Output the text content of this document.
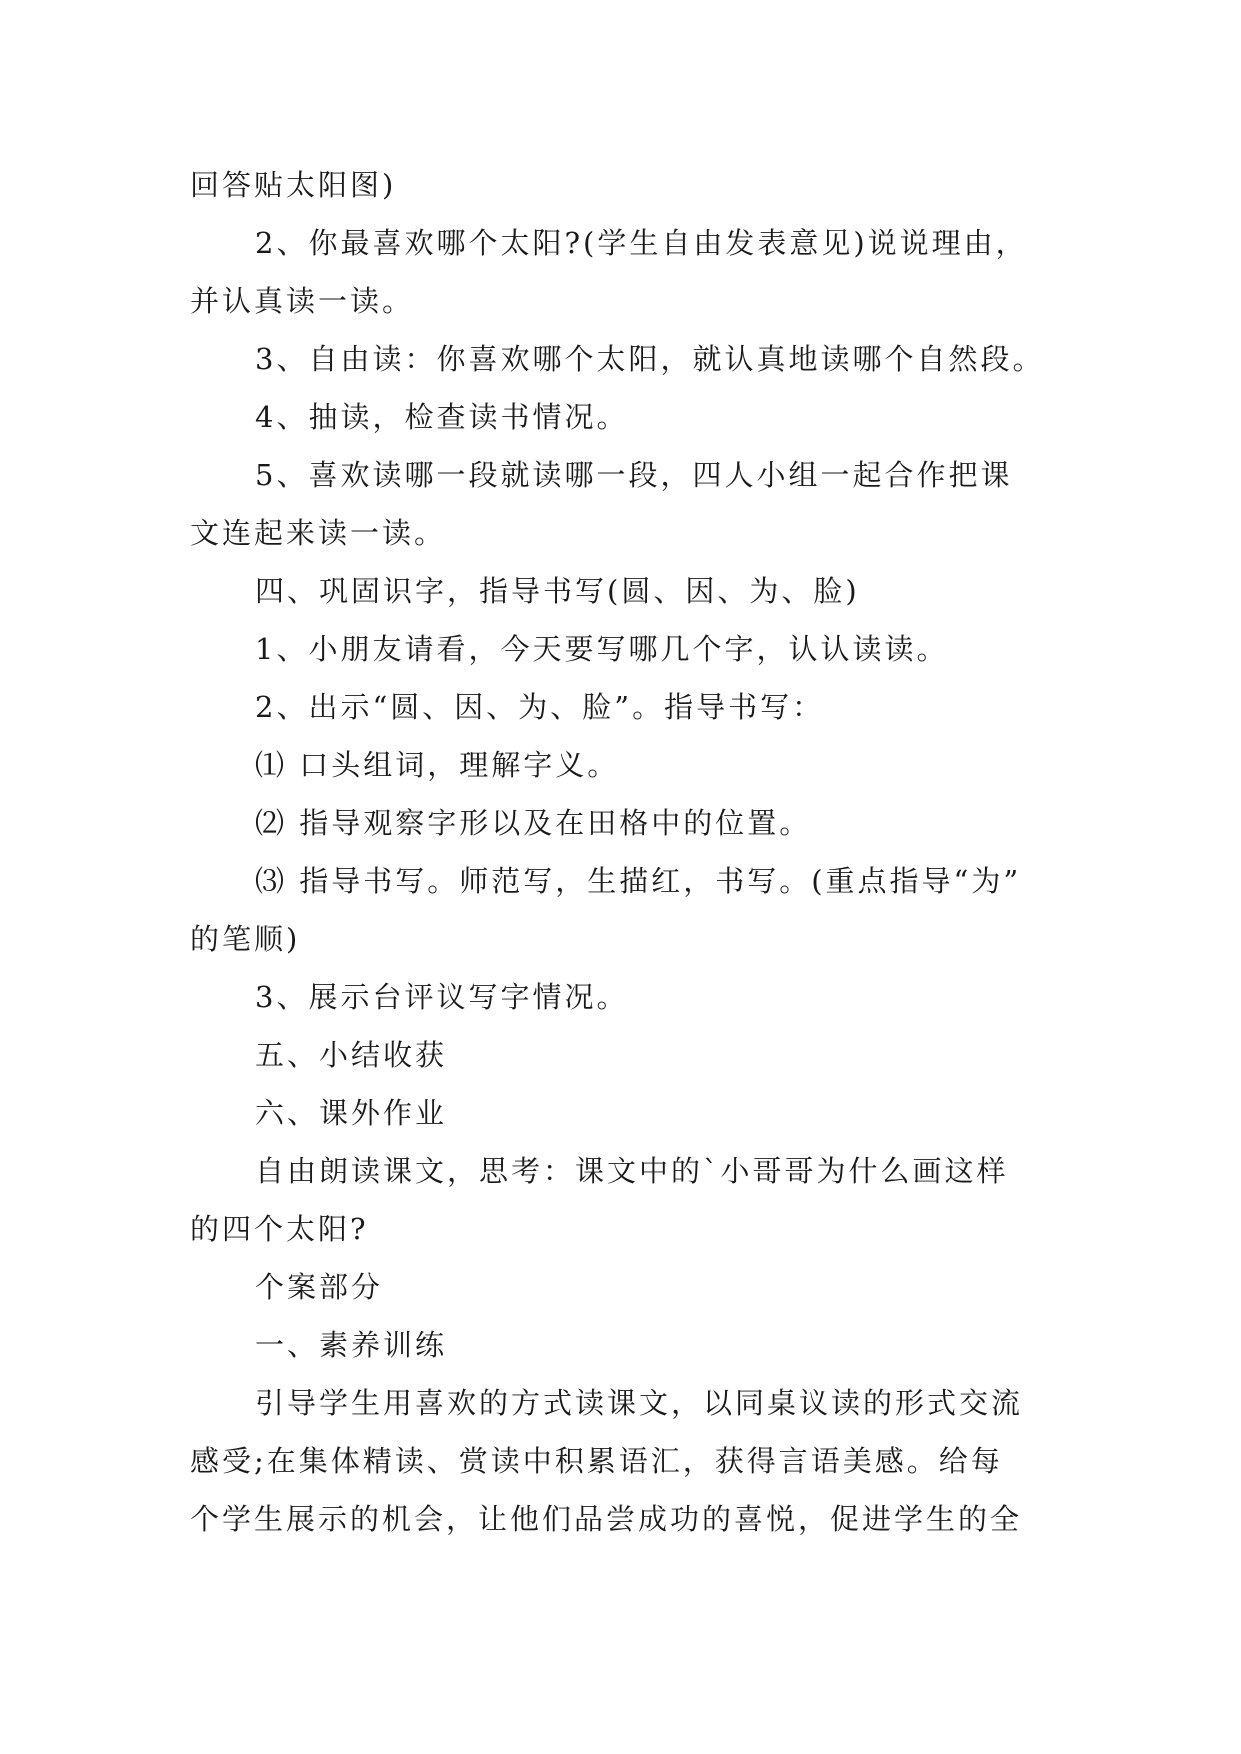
回答贴太阳图)
2、你最喜欢哪个太阳?(学生自由发表意见)说说理由，
并认真读一读。
3、自由读：你喜欢哪个太阳，就认真地读哪个自然段。
4、抽读，检查读书情况。
5、喜欢读哪一段就读哪一段，四人小组一起合作把课
文连起来读一读。
四、巩固识字，指导书写(圆、因、为、脸)
1、小朋友请看，今天要写哪几个字，认认读读。
2、出示“圆、因、为、脸”。指导书写：
⑴ 口头组词，理解字义。
⑵ 指导观察字形以及在田格中的位置。
⑶ 指导书写。师范写，生描红，书写。(重点指导“为”
的笔顺)
3、展示台评议写字情况。
五、小结收获
六、课外作业
自由朗读课文，思考：课文中的`小哥哥为什么画这样
的四个太阳?
个案部分
一、素养训练
引导学生用喜欢的方式读课文，以同桌议读的形式交流
感受;在集体精读、赏读中积累语汇，获得言语美感。给每
个学生展示的机会，让他们品尝成功的喜悦，促进学生的全
